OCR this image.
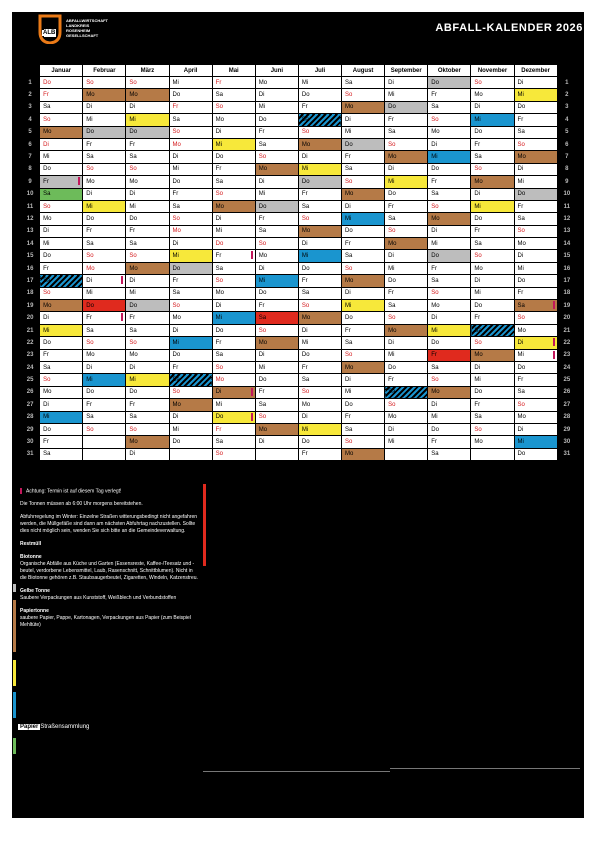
ALB
ABFALLWIRTSCHAFT
LANDKREIS
ROSENHEIM
GESELLSCHAFT
ABFALL-KALENDER 2026
	Januar	Februar	März	April	Mai	Juni	Juli	August	September	Oktober	November	Dezember	
1	Do	So	So	Mi	Fr	Mo	Mi	Sa	Di	Do	So	Di	1
2	Fr	Mo	Mo	Do	Sa	Di	Do	So	Mi	Fr	Mo	Mi	2
3	Sa	Di	Di	Fr	So	Mi	Fr	Mo	Do	Sa	Di	Do	3
4	So	Mi	Mi	Sa	Mo	Do	Sa	Di	Fr	So	Mi	Fr	4
5	Mo	Do	Do	So	Di	Fr	So	Mi	Sa	Mo	Do	Sa	5
6	Di	Fr	Fr	Mo	Mi	Sa	Mo	Do	So	Di	Fr	So	6
7	Mi	Sa	Sa	Di	Do	So	Di	Fr	Mo	Mi	Sa	Mo	7
8	Do	So	So	Mi	Fr	Mo	Mi	Sa	Di	Do	So	Di	8
9	Fr	Mo	Mo	Do	Sa	Di	Do	So	Mi	Fr	Mo	Mi	9
10	Sa	Di	Di	Fr	So	Mi	Fr	Mo	Do	Sa	Di	Do	10
11	So	Mi	Mi	Sa	Mo	Do	Sa	Di	Fr	So	Mi	Fr	11
12	Mo	Do	Do	So	Di	Fr	So	Mi	Sa	Mo	Do	Sa	12
13	Di	Fr	Fr	Mo	Mi	Sa	Mo	Do	So	Di	Fr	So	13
14	Mi	Sa	Sa	Di	Do	So	Di	Fr	Mo	Mi	Sa	Mo	14
15	Do	So	So	Mi	Fr	Mo	Mi	Sa	Di	Do	So	Di	15
16	Fr	Mo	Mo	Do	Sa	Di	Do	So	Mi	Fr	Mo	Mi	16
17	Sa	Di	Di	Fr	So	Mi	Fr	Mo	Do	Sa	Di	Do	17
18	So	Mi	Mi	Sa	Mo	Do	Sa	Di	Fr	So	Mi	Fr	18
19	Mo	Do	Do	So	Di	Fr	So	Mi	Sa	Mo	Do	Sa	19
20	Di	Fr	Fr	Mo	Mi	Sa	Mo	Do	So	Di	Fr	So	20
21	Mi	Sa	Sa	Di	Do	So	Di	Fr	Mo	Mi	Sa	Mo	21
22	Do	So	So	Mi	Fr	Mo	Mi	Sa	Di	Do	So	Di	22
23	Fr	Mo	Mo	Do	Sa	Di	Do	So	Mi	Fr	Mo	Mi	23
24	Sa	Di	Di	Fr	So	Mi	Fr	Mo	Do	Sa	Di	Do	24
25	So	Mi	Mi	Sa	Mo	Do	Sa	Di	Fr	So	Mi	Fr	25
26	Mo	Do	Do	So	Di	Fr	So	Mi	Sa	Mo	Do	Sa	26
27	Di	Fr	Fr	Mo	Mi	Sa	Mo	Do	So	Di	Fr	So	27
28	Mi	Sa	Sa	Di	Do	So	Di	Fr	Mo	Mi	Sa	Mo	28
29	Do	So	So	Mi	Fr	Mo	Mi	Sa	Di	Do	So	Di	29
30	Fr		Mo	Do	Sa	Di	Do	So	Mi	Fr	Mo	Mi	30
31	Sa		Di		So		Fr	Mo		Sa		Do	31
Achtung: Termin ist auf diesem Tag verlegt!
Die Tonnen müssen ab 6:00 Uhr morgens bereitstehen.
Abfuhrregelung im Winter: Einzelne Straßen witterungsbedingt nicht angefahren werden, die Müllgefäße sind dann am nächsten Abfuhrtag nachzustellen. Sollte dies nicht möglich sein, wenden Sie sich bitte an die Gemeindeverwaltung.
Restmüll
Biotonne
Organische Abfälle aus Küche und Garten (Essensreste, Kaffee-/Teesatz und -beutel, verdorbene Lebensmittel, Laub, Rasenschnitt, Schnittblumen). Nicht in die Biotonne gehören z.B. Staubsaugerbeutel, Zigaretten, Windeln, Katzenstreu.
Gelbe Tonne
Saubere Verpackungen aus Kunststoff, Weißblech und Verbundstoffen
Papiertonne
saubere Papier, Pappe, Kartonagen, Verpackungen aus Papier (zum Beispiel Mehltüte)
Papier Straßensammlung
